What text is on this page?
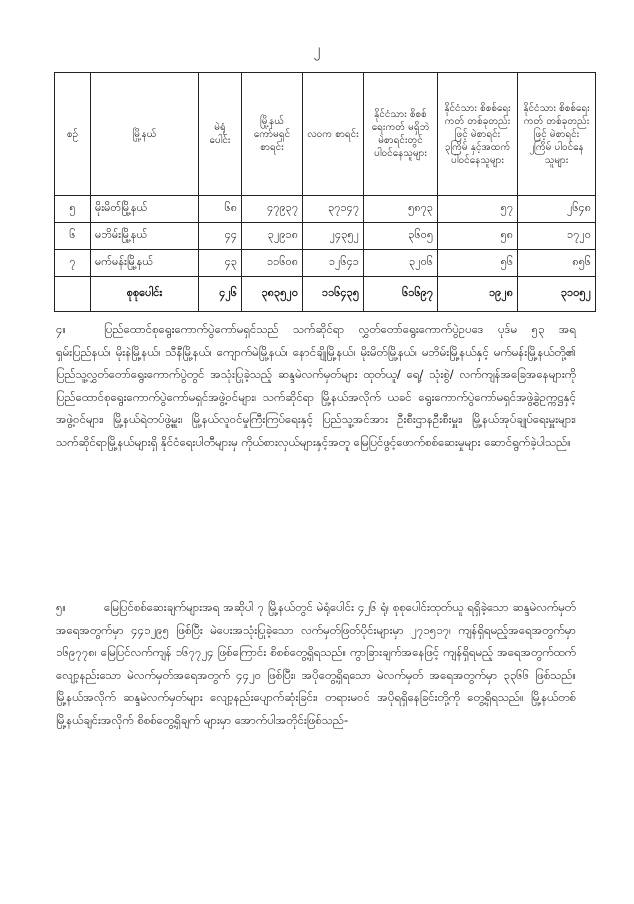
၂
စဉ်	မြို့နယ်	မဲရုံ ပေါင်း	မြို့နယ် ကော်မရှင် စာရင်း	လဝက စာရင်း	နိုင်ငံသား စိစစ်ရေးကတ် မရှိဘဲ မဲစာရင်းတွင် ပါဝင်နေသူများ	နိုင်ငံသား စိစစ်ရေးကတ် တစ်ခုတည်းဖြင့် မဲစာရင်း ၃ကြိမ် နှင့်အထက် ပါဝင်နေသူများ	နိုင်ငံသား စိစစ်ရေးကတ် တစ်ခုတည်းဖြင့် မဲစာရင်း ၂ကြိမ် ပါဝင်နေသူများ
၅	မိုးမိတ်မြို့နယ်	၆၈	၄၇၉၃၇	၃၇၁၄၇	၅၈၇၃	၅၇	၂၆၄၈
၆	မဘိမ်းမြို့နယ်	၄၄	၃၂၉၁၈	၂၄၃၅၂	၃၆၀၅	၅၈	၁၇၂၀
၇	မက်မန်းမြို့နယ်	၄၃	၁၁၆၀၈	၁၂၆၄၁	၃၂၀၆	၅၆	၈၅၆
	စုစုပေါင်း	၄၂၆	၃၈၃၅၂၀	၁၁၆၄၃၅	၆၁၆၉၇	၁၉၂၈	၃၁၀၅၂

၄။	ပြည်ထောင်စုရွေးကောက်ပွဲကော်မရှင်သည် သက်ဆိုင်ရာ လွှတ်တော်ရွေးကောက်ပွဲဥပဒေ ပုဒ်မ ၅၃ အရ ရှမ်းပြည်နယ်၊ မိုးနဲမြို့နယ်၊ သီနီမြို့နယ်၊ ကျောက်မဲမြို့နယ်၊ နောင်ချိုမြို့နယ်၊ မိုးမိတ်မြို့နယ်၊ မဘိမ်းမြို့နယ်နှင့် မက်မန်းမြို့နယ်တို့၏ ပြည်သူ့လွှတ်တော်ရွေးကောက်ပွဲတွင် အသုံးပြုခဲ့သည့် ဆန္ဒမဲလက်မှတ်များ ထုတ်ယူ/ ရေ့/ သုံးစွဲ/ လက်ကျန်အခြေအနေများကို ပြည်ထောင်စုရွေးကောက်ပွဲကော်မရှင်အဖွဲ့ဝင်များ၊ သက်ဆိုင်ရာ မြို့နယ်အလိုက် ယခင် ရွေးကောက်ပွဲကော်မရှင်အဖွဲ့ခွဲဥက္ကဋ္ဌနှင့် အဖွဲ့ဝင်များ၊ မြို့နယ်ရဲတပ်ဖွဲ့မှူး၊ မြို့နယ်လူဝင်မှုကြီးကြပ်ရေးနှင့် ပြည်သူ့အင်အား ဦးစီးဌာနဦးစီးမှူး၊ မြို့နယ်အုပ်ချုပ်ရေးမှူးများ၊ သက်ဆိုင်ရာမြို့နယ်များရှိ နိုင်ငံရေးပါတီများမှ ကိုယ်စားလှယ်များနှင့်အတူ မြေပြင်ဖွင့်ဖောက်စစ်ဆေးမှုများ ဆောင်ရွက်ခဲ့ပါသည်။

၅။	မြေပြင်စစ်ဆေးချက်များအရ အဆိုပါ ၇ မြို့နယ်တွင် မဲရုံပေါင်း ၄၂၆ ရုံ၊ စုစုပေါင်းထုတ်ယူ ရရှိခဲ့သော ဆန္ဒမဲလက်မှတ်အရေအတွက်မှာ ၄၄၁၂၉၅ ဖြစ်ပြီး မဲပေးအသုံးပြုခဲ့သော လက်မှတ်ဖြတ်ပိုင်းများမှာ ၂၇၁၅၁၇၊ ကျန်ရှိရမည့်အရေအတွက်မှာ ၁၆၉၇၇၈၊ မြေပြင်လက်ကျန် ၁၆၇၇၂၄ ဖြစ်ကြောင်း စိစစ်တွေ့ရှိရသည်။ ကွာခြားချက်အနေဖြင့် ကျန်ရှိရမည့် အရေအတွက်ထက် လျော့နည်းသော မဲလက်မှတ်အရေအတွက် ၄၄၂၀ ဖြစ်ပြီး၊ အပိုတွေ့ရှိရသော မဲလက်မှတ် အရေအတွက်မှာ ၃၃၆၆ ဖြစ်သည်။ မြို့နယ်အလိုက် ဆန္ဒမဲလက်မှတ်များ လျော့နည်းပျောက်ဆုံးခြင်း၊ တရားမဝင် အပိုရရှိနေခြင်းတို့ကို တွေ့ရှိရသည်။ မြို့နယ်တစ်မြို့နယ်ချင်းအလိုက် စိစစ်တွေ့ရှိချက် များမှာ အောက်ပါအတိုင်းဖြစ်သည်-
